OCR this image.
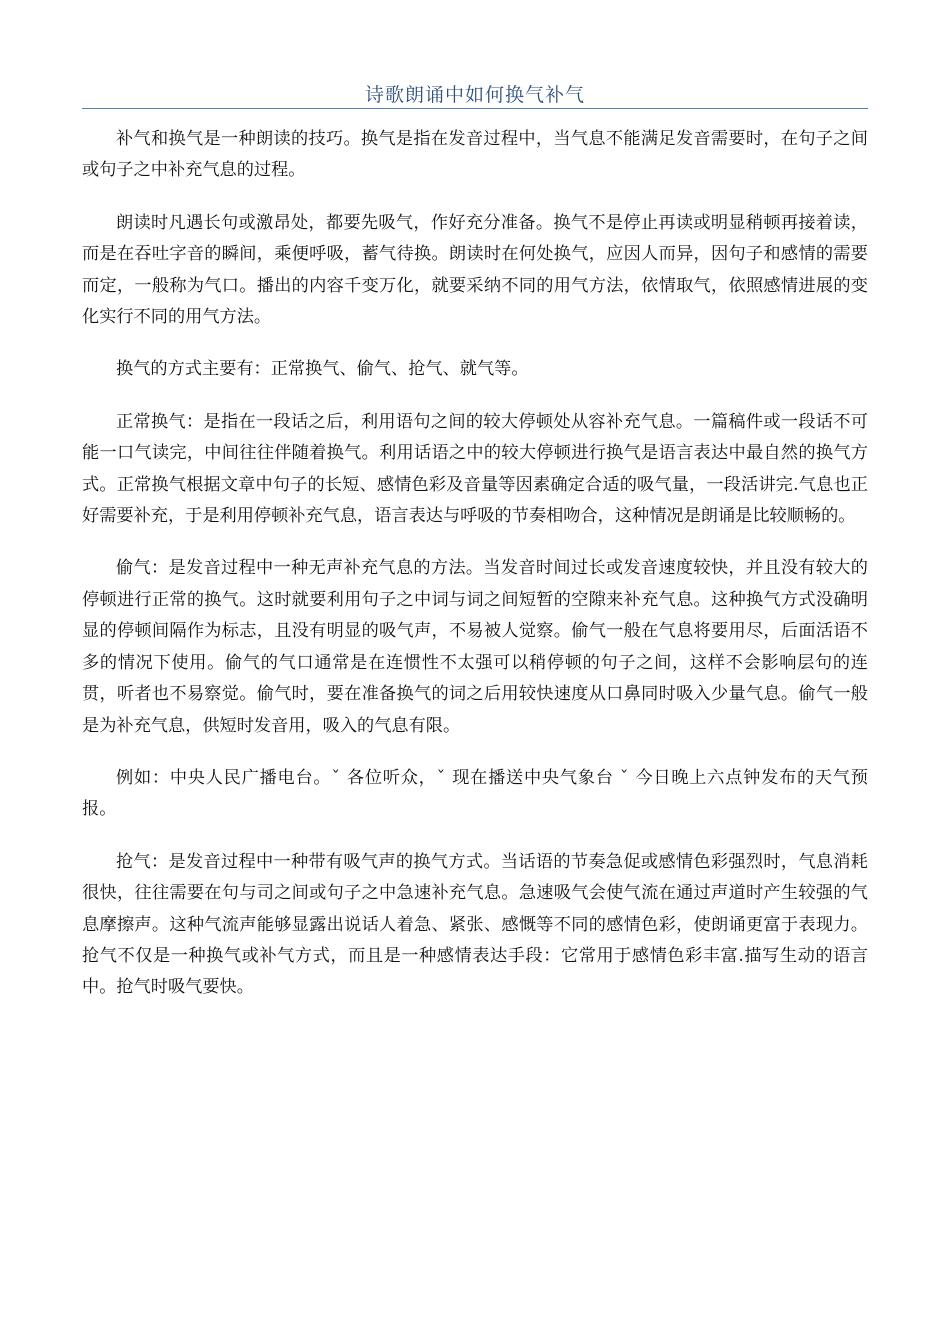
诗歌朗诵中如何换气补气

补气和换气是一种朗读的技巧。换气是指在发音过程中，当气息不能满足发音需要时，在句子之间或句子之中补充气息的过程。

朗读时凡遇长句或激昂处，都要先吸气，作好充分准备。换气不是停止再读或明显稍顿再接着读，而是在吞吐字音的瞬间，乘便呼吸，蓄气待换。朗读时在何处换气，应因人而异，因句子和感情的需要而定，一般称为气口。播出的内容千变万化，就要采纳不同的用气方法，依情取气，依照感情进展的变化实行不同的用气方法。

换气的方式主要有：正常换气、偷气、抢气、就气等。

正常换气：是指在一段话之后，利用语句之间的较大停顿处从容补充气息。一篇稿件或一段话不可能一口气读完，中间往往伴随着换气。利用话语之中的较大停顿进行换气是语言表达中最自然的换气方式。正常换气根据文章中句子的长短、感情色彩及音量等因素确定合适的吸气量，一段活讲完.气息也正好需要补充，于是利用停顿补充气息，语言表达与呼吸的节奏相吻合，这种情况是朗诵是比较顺畅的。

偷气：是发音过程中一种无声补充气息的方法。当发音时间过长或发音速度较快，并且没有较大的停顿进行正常的换气。这时就要利用句子之中词与词之间短暂的空隙来补充气息。这种换气方式没确明显的停顿间隔作为标志，且没有明显的吸气声，不易被人觉察。偷气一般在气息将要用尽，后面活语不多的情况下使用。偷气的气口通常是在连惯性不太强可以稍停顿的句子之间，这样不会影响层句的连贯，听者也不易察觉。偷气时，要在准备换气的词之后用较快速度从口鼻同时吸入少量气息。偷气一般是为补充气息，供短时发音用，吸入的气息有限。

例如：中央人民广播电台。ˇ 各位听众，ˇ 现在播送中央气象台 ˇ 今日晚上六点钟发布的天气预报。

抢气：是发音过程中一种带有吸气声的换气方式。当话语的节奏急促或感情色彩强烈时，气息消耗很快，往往需要在句与司之间或句子之中急速补充气息。急速吸气会使气流在通过声道时产生较强的气息摩擦声。这种气流声能够显露出说话人着急、紧张、感慨等不同的感情色彩，使朗诵更富于表现力。抢气不仅是一种换气或补气方式，而且是一种感情表达手段：它常用于感情色彩丰富.描写生动的语言中。抢气时吸气要快。
